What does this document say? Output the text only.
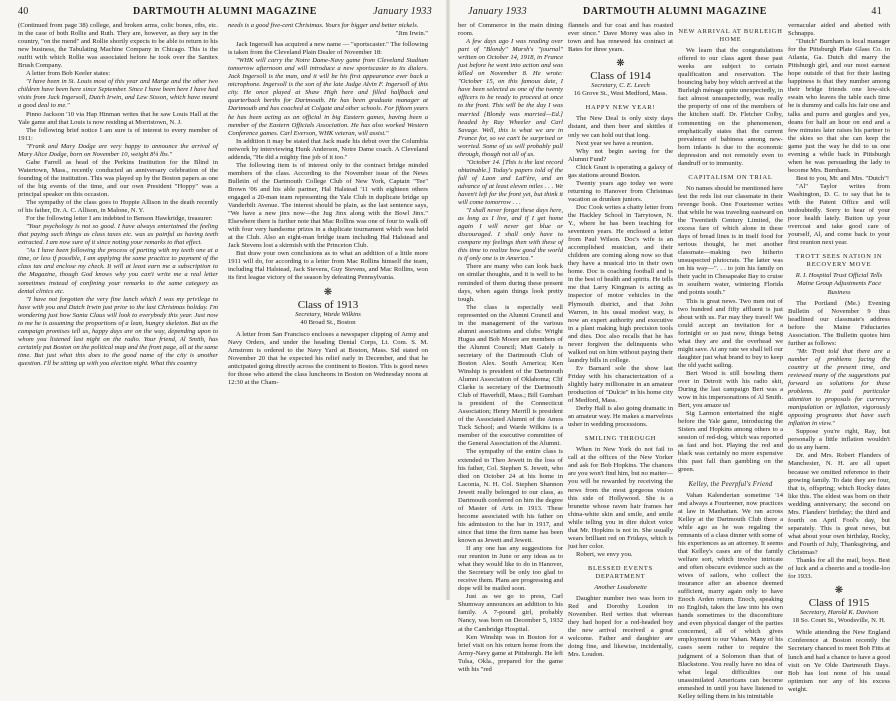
40	DARTMOUTH ALUMNI MAGAZINE	January 1933

(Continued from page 38) college, and broken arms, colic bones, ribs, etc. in the case of both Rollie and Ruth. They are, however, as they say in the country, "on the mend" and Rollie shortly expects to be able to return to his new business, the Tabulating Machine Company in Chicago. This is the outfit with which Rollie was associated before he took over the Sanitex Brush Company.

A letter from Bob Keeler states:

"I have been in St. Louis most of this year and Marge and the other two children have been here since September. Since I have been here I have had visits from Jack Ingersoll, Dutch Irwin, and Lew Sisson, which have meant a good deal to me."

Pinno Jackson '10 via Hap Hinman writes that he saw Louis Hall at the Yale game and that Louis is now residing at Morristown, N. J.

The following brief notice I am sure is of interest to every member of 1911:

"Frank and Mary Dodge are very happy to announce the arrival of Mary Alice Dodge, born on November 10, weight 8¼ lbs."

Gabe Farrell as head of the Perkins Institution for the Blind in Watertown, Mass., recently conducted an anniversary celebration of the founding of the institution. This was played up by the Boston papers as one of the big events of the time, and our own President "Hoppy" was a principal speaker on this occasion.

The sympathy of the class goes to Hoppie Allison in the death recently of his father, Dr. A. C. Allison, in Malone, N. Y.

For the following letter I am indebted to Benson Hawkridge, treasurer:

"Your psychology is not so good. I have always entertained the feeling that paying such things as class taxes etc. was as painful as having teeth extracted. I am now sure of it since noting your remarks to that effect.

"As I have been following the process of parting with my teeth one at a time, or less if possible, I am applying the same practice to payment of the class tax and enclose my check. It will at least earn me a subscription to the Magazine, though God knows why you can't write me a real letter sometimes instead of confining your remarks to the same category as dental clinics etc.

"I have not forgotten the very fine lunch which I was my privilege to have with you and Dutch Irwin just prior to the last Christmas holiday. I'm wondering just how Santa Claus will look to everybody this year. Just now to me he is assuming the proportions of a lean, hungry skeleton. But as the campaign promises tell us, happy days are on the way, depending upon to whom you listened last night on the radio. Your friend, Al Smith, has certainly put Boston on the political map and the front page, all at the same time. But just what this does to the good name of the city is another question. I'll be sitting up with you election night. What this country

needs is a good five-cent Christmas. Yours for bigger and better nickels.

"Jim Irwin."

Jack Ingersoll has acquired a new name — "sportscaster." The following is taken from the Cleveland Plain Dealer of November 18:

"WHK will carry the Notre Dame-Navy game from Cleveland Stadium tomorrow afternoon and will introduce a new sportscaster to its dialers. Jack Ingersoll is the man, and it will be his first appearance ever back a microphone. Ingersoll is the son of the late Judge Alvin F. Ingersoll of this city. He once played at Shaw High here and filled halfback and quarterback berths for Dartmouth. He has been graduate manager at Dartmouth and has coached at Colgate and other schools. For fifteen years he has been acting as an official in big Eastern games, having been a member of the Eastern Officials Association. He has also worked Western Conference games. Carl Everson, WHK veteran, will assist."

In addition it may be stated that Jack made his debut over the Columbia network by interviewing Hunk Anderson, Notre Dame coach. A Cleveland addenda, "He did a mighty fine job of it too."

The following item is of interest only to the contract bridge minded members of the class. According to the November issue of the News Bulletin of the Dartmouth College Club of New York, Captain "Tee" Brown '06 and his able partner, Hal Halstead '11 with eighteen others engaged a 20-man team representing the Yale Club in duplicate bridge up Vanderbilt Avenue. The interest should be plain, as the last sentence says, "We have a new jinx now—the Jug Jinx along with the Bowl Jinx." Elsewhere there is further note that Mac Rollins was one of four to walk off with four very handsome prizes in a duplicate tournament which was held at the Club. Also an eight-man bridge team including Hal Halstead and Jack Stevens lost a skirmish with the Princeton Club.

But draw your own conclusions as to what an addition of a little more 1911 will do, for according to a letter from Mac Rollins himself the team, including Hal Halstead, Jack Stevens, Guy Stevens, and Mac Rollins, won its first league victory of the season by defeating Pennsylvania.

❋
Class of 1913
Secretary, Warde Wilkins
40 Broad St., Boston

A letter from San Francisco encloses a newspaper clipping of Army and Navy Orders, and under the heading Dental Corps, Lt. Com. S. M. Arnstrom is ordered to the Navy Yard at Boston, Mass. Sid stated on November 20 that he expected his relief early in December, and that he anticipated going directly across the continent to Boston. This is good news for those who attend the class luncheons in Boston on Wednesday noons at 12:30 at the Cham-

January 1933	DARTMOUTH ALUMNI MAGAZINE	41

ber of Commerce in the main dining room.

A few days ago I was reading over part of "Blondy" Marsh's "journal" written on October 14, 1918, in France just before he went into action and was killed on November 8. He wrote: "October 15, on this famous date, I have been selected as one of the twenty officers to be ready to proceed at once to the front. This will be the day I was married [Blondy was married—Ed.] headed by Ray Wheeler and Carl Savage. Well, this is what we are in France for, so we can't be surprised or worried. Some of us will probably pull through, though not all of us.

"October 14. [This is the last record obtainable.] Today's papers told of the fall of Laon and LaFère, and an advance of at least eleven miles . . . We haven't left for the front yet, but think it will come tomorrow . . .

"I shall never forget these days here, as long as I live, and if I get home again I will never get blue or discouraged. I shall only have to compare my feelings then with these of this time to realize how good the world is if only one is in America."

There are many who can look back on similar thoughts, and it is well to be reminded of them during these present days, when again things look pretty tough.

The class is especially well represented on the Alumni Council and in the management of the various alumni associations and clubs: Wright Hugus and Bob Moore are members of the Alumni Council; Matt Gately is secretary of the Dartmouth Club of Boston Alex. South America; Ken Winship is president of the Dartmouth Alumni Association of Oklahoma; Clif Clarke is secretary of the Dartmouth Club of Haverhill, Mass.; Bill Gumbart is president of the Connecticut Association; Henry Merrill is president of the Associated Alumni of the Amos Tuck School; and Warde Wilkins is a member of the executive committee of the General Association of the Alumni.

The sympathy of the entire class is extended to Theo Jewett in the loss of his father, Col. Stephen S. Jewett, who died on October 24 at his home in Laconia, N. H. Col. Stephen Shannon Jewett really belonged to our class, as Dartmouth conferred on him the degree of Master of Arts in 1913. These become associated with his father on his admission to the bar in 1917, and since that time the firm name has been known as Jewett and Jewett.

If any one has any suggestions for our reunion in June or any ideas as to what they would like to do in Hanover, the Secretary will be only too glad to receive them. Plans are progressing and dope will be mailed soon.

Just as we go to press, Carl Shumway announces an addition to his family. A 7-pound girl, probably Nancy, was born on December 5, 1932 at the Cambridge Hospital.

Ken Winship was in Boston for a brief visit on his return home from the Army-Navy game at Pittsburgh. He left Tulsa, Okla., prepared for the game with his "red

flannels and fur coat and has roasted ever since." Dave Morey was also in town and has renewed his contract at Bates for three years.

❋
Class of 1914
Secretary, C. E. Leech
16 Grove St., West Medford, Mass.
HAPPY NEW YEAR!

The New Deal is only sixty days distant, and then beer and skittles if only we can hold out that long.

Next year we have a reunion.

Why not begin saving for the Alumni Fund?

Chick Grant is operating a galaxy of gas stations around Boston.

Twenty years ago today we were returning to Hanover from Christmas vacation as drunken juniors.

Doc Cook writes a chatty letter from the Hackley School in Tarrytown, N. Y., where he has been teaching for seventeen years. He enclosed a letter from Paul Wilson. Doc's wife is an accomplished musician, and their children are coming along now so that they have a musical trio in their own home. Doc is coaching football and is in the best of health and spirits. He tells me that Larry Kingman is acting as inspector of motor vehicles in the Plymouth district, and that John Warren, in his usual modest way, is now an expert authority and executive in a plant making high precision tools and dies. Doc also recalls that he has never forgiven the delinquents who walked out on him without paying their laundry bills in college.

Ev Barnard sole the show last Friday with his characterization of a slightly hairy millionaire in an amateur production of "Dulcie" in his home city of Medford, Mass.

Derby Hall is also going dramatic in an amateur way. He makes a marvelous usher in wedding processions.

SMILING THROUGH

When in New York do not fail to call at the offices of the New Yorker and ask for Bob Hopkins. The chances are you won't find him, but no matter—you will be rewarded by receiving the news from the most gorgeous vision this side of Hollywood. She is a brunette whose raven hair frames her china-white skin and smile, and smile while telling you in dire dulcet voice that Mr. Hopkins is not in. She usually wears brilliant red on Fridays, which is just her color.

Robert, we envy you.

BLESSED EVENTS DEPARTMENT
Another Loudonette

Daughter number two was born to Red and Dorothy Loudon in November. Red writes that whereas they had hoped for a red-headed boy the new arrival received a great welcome. Father and daughter are doing fine, and likewise, incidentally, Mrs. Loudon.

NEW ARRIVAL AT BURLEIGH HOME

We learn that the congratulations offered to our class agent these past weeks are subject to certain qualification and reservation. The bouncing baby boy which arrived at the Burleigh ménage quite unexpectedly, in fact almost unsuspectedly, was really the property of one of the members of the kitchen staff. Dr. Fletcher Colby, commenting on the phenomenon, emphatically states that the current prevalence of babiness among new-born infants is due to the economic depression and not remotely even to dandruff or to immunity.

CAPITALISM ON TRIAL

No names should be mentioned here lest the reds list our classmate in their revenge book. One Fourteener writes that while he was traveling eastward on the Twentieth Century Limited, the excess fare of which alone in these days of bread lines is in itself food for serious thought, he met another classmate—making two hitherto unsuspected plutocrats. The latter was on his way—". . . to join his family on their yacht in Chesapeake Bay to cruise in southern water, wintering Florida and points south."

This is great news. Two men out of two hundred and fifty affluent is just about with us. Far may they travel! We could accept an invitation for a fortnight or so just now, things being what they are and the overhead we might save. At any rate we shall tell our daughter just what brand to buy to keep the old yacht sailing.

Bert Wood is still bowling them over in Detroit with his radio skit, During the last campaign Bert was a wow in his impersonations of Al Smith. Bert, you amaze us!

Sig Larmon entertained the night before the Yale game, introducing the Sisters and Hopkins among others to a session of red-dog, which was reported as fast and hot. Playing the red and black was certainly no more expensive this past fall than gambling on the green.

Kelley, the Peerpful's Friend

Vahan Kalenderian sometime '14 and always a Fourteener, now practices at law in Manhattan. We ran across Kelley at the Dartmouth Club there a while ago as he was regaling the remnants of a class dinner with some of his experiences as an attorney. It seems that Kelley's cases are of the family welfare sort, which involve intricate and often obscure evidence such as the wives of sailors, who collect the insurance after an absence deemed sufficient, marry again only to have Enoch Arden return. Enoch, speaking no English, takes the law into his own hands sometimes to the discomfiture and even physical danger of the parties concerned, all of which gives employment to our Vahan. Many of his cases seem rather to require the judgment of a Solomon than that of Blackstone. You really have no idea of what legal difficulties our unassimilated Americans can become enmeshed in until you have listened to Kelley telling them in his inimitable

vernacular aided and abetted with Schnapps.

"Dutch" Burnham is local manager for the Pittsburgh Plate Glass Co. in Atlanta, Ga. Dutch did marry the Pittsburgh girl, and our most earnest hope outside of that for their lasting happiness is that they number among their bridge friends one low-sick swain who leaves the table each time he is dummy and calls his fair one and talks and purrs and gurgles and yes, deans for half an hour on end and a few minutes later raises his partner to the skies so that she can keep the game just the way he did to us one evening a while back in Pittsburgh when he was persuading the lady to become Mrs. Burnham.

Best to you, Mr. and Mrs. "Dutch"!

"Al" Taylor writes from Washington, D. C. to say that he is with the Patent Office and will undoubtedly. Sorry to hear of your poor health lately. Button up your overcoat and take good care of yourself, Al, and come back to your first reunion next year.

TROTT SEES NATION IN RECOVERY MOVE
R. I. Hospital Trust Official Tells Maine Group Adjustments Face Business

The Portland (Me.) Evening Bulletin of November 9 thus headlined our classmate's address before the Maine Fiduciaries Association. The Bulletin quotes him further as follows:

"Mr. Trott told that there are a number of problems facing the country at the present time, and reviewed many of the suggestions put forward as solutions for these problems. He paid particular attention to proposals for currency manipulation or inflation, vigorously opposing programs that have such inflation in view."

Suppose you're right, Ray, but personally a little inflation wouldn't do us any harm.

Dr. and Mrs. Robert Flanders of Manchester, N. H. are all upset because we omitted reference to their growing family. To date they are four, that is, offspring; which Rocky dates like this. The eldest was born on their wedding anniversary; the second on Mrs. Flanders' birthday; the third and fourth on April Fool's day, but separately. This is great news, but what about your own birthday, Rocky, and Fourth of July, Thanksgiving, and Christmas?

Thanks for all the mail, boys. Best of luck and a cheerio and a toodle-loo for 1933.

❋
Class of 1915
Secretary, Harold K. Davison
18 So. Court St., Woodsville, N. H.

While attending the New England Conference at Boston recently the Secretary chanced to meet Bob Fitts at lunch and had a chance to have a good visit on Ye Olde Dartmouth Days. Bob has lost none of his usual optimism nor any of his excess weight.
